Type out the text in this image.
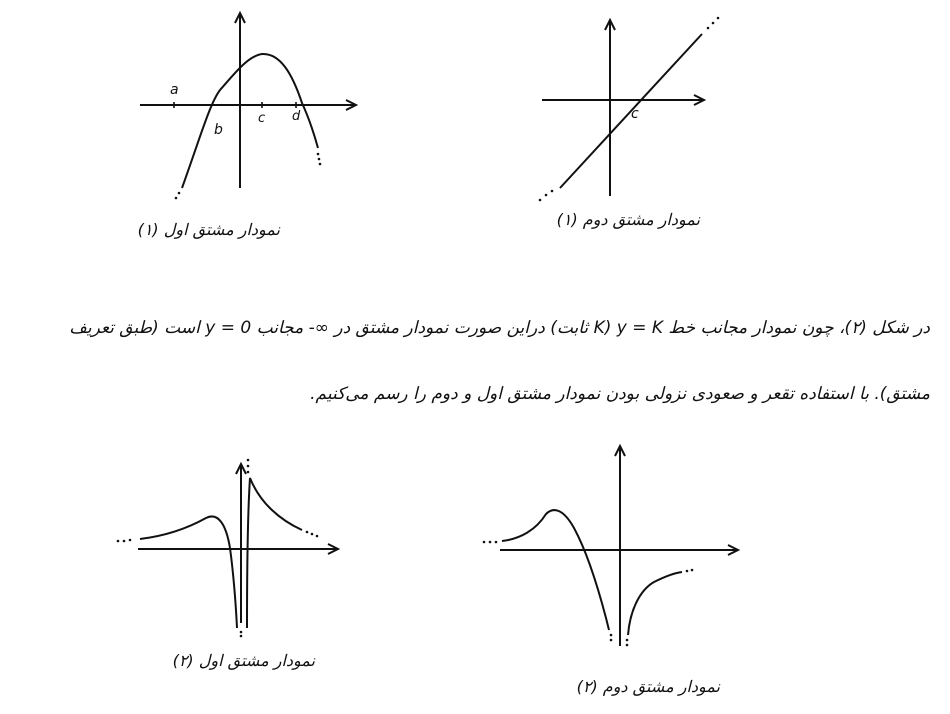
a
b
c d
نمودار مشتق اول (۱)
c
نمودار مشتق دوم (۱)
در شکل (۲)، چون نمودار مجانب خط y = K (K ثابت) دراین صورت نمودار مشتق در ∞- مجانب y = 0 است (طبق تعریف
مشتق). با استفاده تقعر و صعودی نزولی بودن نمودار مشتق اول و دوم را رسم می‌کنیم.
نمودار مشتق اول (۲)
نمودار مشتق دوم (۲)
